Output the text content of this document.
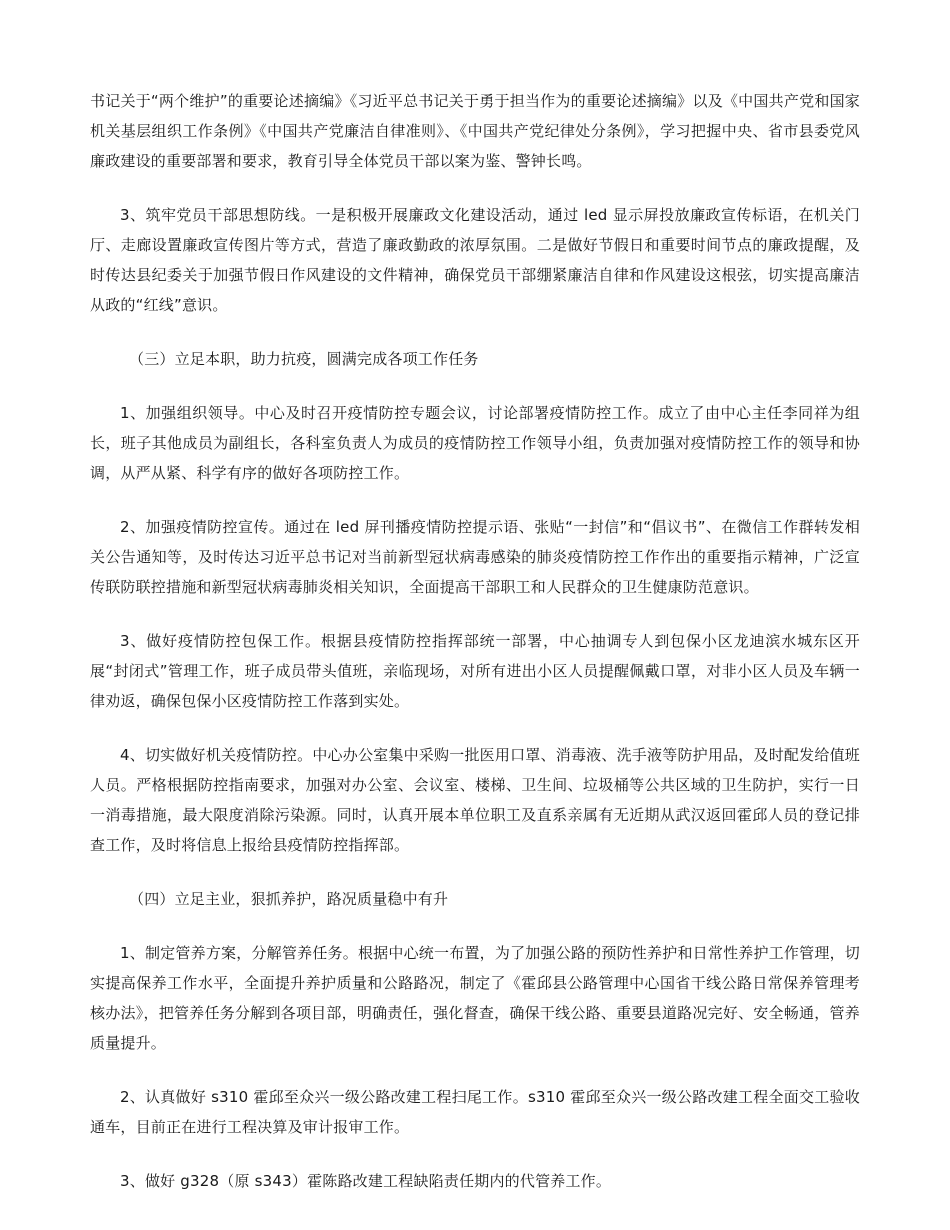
书记关于“两个维护”的重要论述摘编》《习近平总书记关于勇于担当作为的重要论述摘编》以及《中国共产党和国家机关基层组织工作条例》《中国共产党廉洁自律准则》、《中国共产党纪律处分条例》，学习把握中央、省市县委党风廉政建设的重要部署和要求，教育引导全体党员干部以案为鉴、警钟长鸣。

3、筑牢党员干部思想防线。一是积极开展廉政文化建设活动，通过 led 显示屏投放廉政宣传标语，在机关门厅、走廊设置廉政宣传图片等方式，营造了廉政勤政的浓厚氛围。二是做好节假日和重要时间节点的廉政提醒，及时传达县纪委关于加强节假日作风建设的文件精神，确保党员干部绷紧廉洁自律和作风建设这根弦，切实提高廉洁从政的“红线”意识。

（三）立足本职，助力抗疫，圆满完成各项工作任务

1、加强组织领导。中心及时召开疫情防控专题会议，讨论部署疫情防控工作。成立了由中心主任李同祥为组长，班子其他成员为副组长，各科室负责人为成员的疫情防控工作领导小组，负责加强对疫情防控工作的领导和协调，从严从紧、科学有序的做好各项防控工作。

2、加强疫情防控宣传。通过在 led 屏刊播疫情防控提示语、张贴“一封信”和“倡议书”、在微信工作群转发相关公告通知等，及时传达习近平总书记对当前新型冠状病毒感染的肺炎疫情防控工作作出的重要指示精神，广泛宣传联防联控措施和新型冠状病毒肺炎相关知识，全面提高干部职工和人民群众的卫生健康防范意识。

3、做好疫情防控包保工作。根据县疫情防控指挥部统一部署，中心抽调专人到包保小区龙迪滨水城东区开展“封闭式”管理工作，班子成员带头值班，亲临现场，对所有进出小区人员提醒佩戴口罩，对非小区人员及车辆一律劝返，确保包保小区疫情防控工作落到实处。

4、切实做好机关疫情防控。中心办公室集中采购一批医用口罩、消毒液、洗手液等防护用品，及时配发给值班人员。严格根据防控指南要求，加强对办公室、会议室、楼梯、卫生间、垃圾桶等公共区域的卫生防护，实行一日一消毒措施，最大限度消除污染源。同时，认真开展本单位职工及直系亲属有无近期从武汉返回霍邱人员的登记排查工作，及时将信息上报给县疫情防控指挥部。

（四）立足主业，狠抓养护，路况质量稳中有升

1、制定管养方案，分解管养任务。根据中心统一布置，为了加强公路的预防性养护和日常性养护工作管理，切实提高保养工作水平，全面提升养护质量和公路路况，制定了《霍邱县公路管理中心国省干线公路日常保养管理考核办法》，把管养任务分解到各项目部，明确责任，强化督查，确保干线公路、重要县道路况完好、安全畅通，管养质量提升。

2、认真做好 s310 霍邱至众兴一级公路改建工程扫尾工作。s310 霍邱至众兴一级公路改建工程全面交工验收通车，目前正在进行工程决算及审计报审工作。

3、做好 g328（原 s343）霍陈路改建工程缺陷责任期内的代管养工作。
